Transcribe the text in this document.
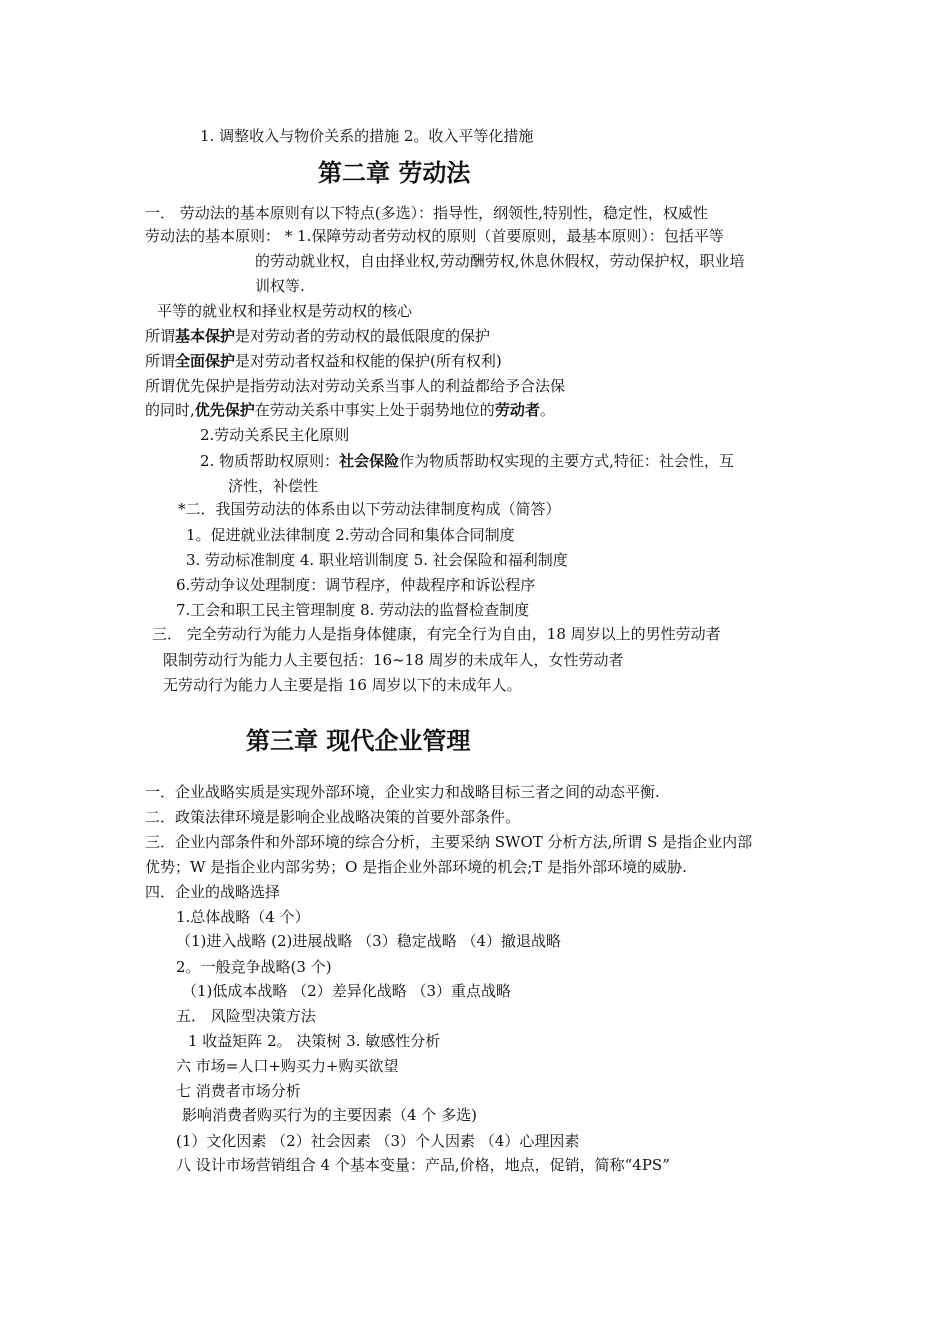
1. 调整收入与物价关系的措施 2。收入平等化措施
第二章 劳动法
一． 劳动法的基本原则有以下特点(多选）：指导性，纲领性,特别性，稳定性，权威性
劳动法的基本原则： * 1.保障劳动者劳动权的原则（首要原则，最基本原则）：包括平等
的劳动就业权，自由择业权,劳动酬劳权,休息休假权，劳动保护权，职业培
训权等.
平等的就业权和择业权是劳动权的核心
所谓基本保护是对劳动者的劳动权的最低限度的保护
所谓全面保护是对劳动者权益和权能的保护(所有权利)
所谓优先保护是指劳动法对劳动关系当事人的利益都给予合法保
的同时,优先保护在劳动关系中事实上处于弱势地位的劳动者。
2.劳动关系民主化原则
2. 物质帮助权原则：社会保险作为物质帮助权实现的主要方式,特征：社会性，互
济性，补偿性
*二．我国劳动法的体系由以下劳动法律制度构成（简答）
1。促进就业法律制度 2.劳动合同和集体合同制度
3. 劳动标准制度 4. 职业培训制度 5. 社会保险和福利制度
6.劳动争议处理制度：调节程序，仲裁程序和诉讼程序
7.工会和职工民主管理制度 8. 劳动法的监督检查制度
三． 完全劳动行为能力人是指身体健康，有完全行为自由，18 周岁以上的男性劳动者
限制劳动行为能力人主要包括：16~18 周岁的未成年人，女性劳动者
无劳动行为能力人主要是指 16 周岁以下的未成年人。
第三章 现代企业管理
一．企业战略实质是实现外部环境，企业实力和战略目标三者之间的动态平衡.
二．政策法律环境是影响企业战略决策的首要外部条件。
三．企业内部条件和外部环境的综合分析，主要采纳 SWOT 分析方法,所谓 S 是指企业内部
优势；W 是指企业内部劣势；O 是指企业外部环境的机会;T 是指外部环境的威胁.
四．企业的战略选择
1.总体战略（4 个）
（1)进入战略 (2)进展战略 （3）稳定战略 （4）撤退战略
2。一般竞争战略(3 个)
（1)低成本战略 （2）差异化战略 （3）重点战略
五． 风险型决策方法
1 收益矩阵 2。 决策树 3. 敏感性分析
六 市场=人口+购买力+购买欲望
七 消费者市场分析
影响消费者购买行为的主要因素（4 个 多选)
(1）文化因素 （2）社会因素 （3）个人因素 （4）心理因素
八 设计市场营销组合 4 个基本变量：产品,价格，地点，促销，简称“4PS”
